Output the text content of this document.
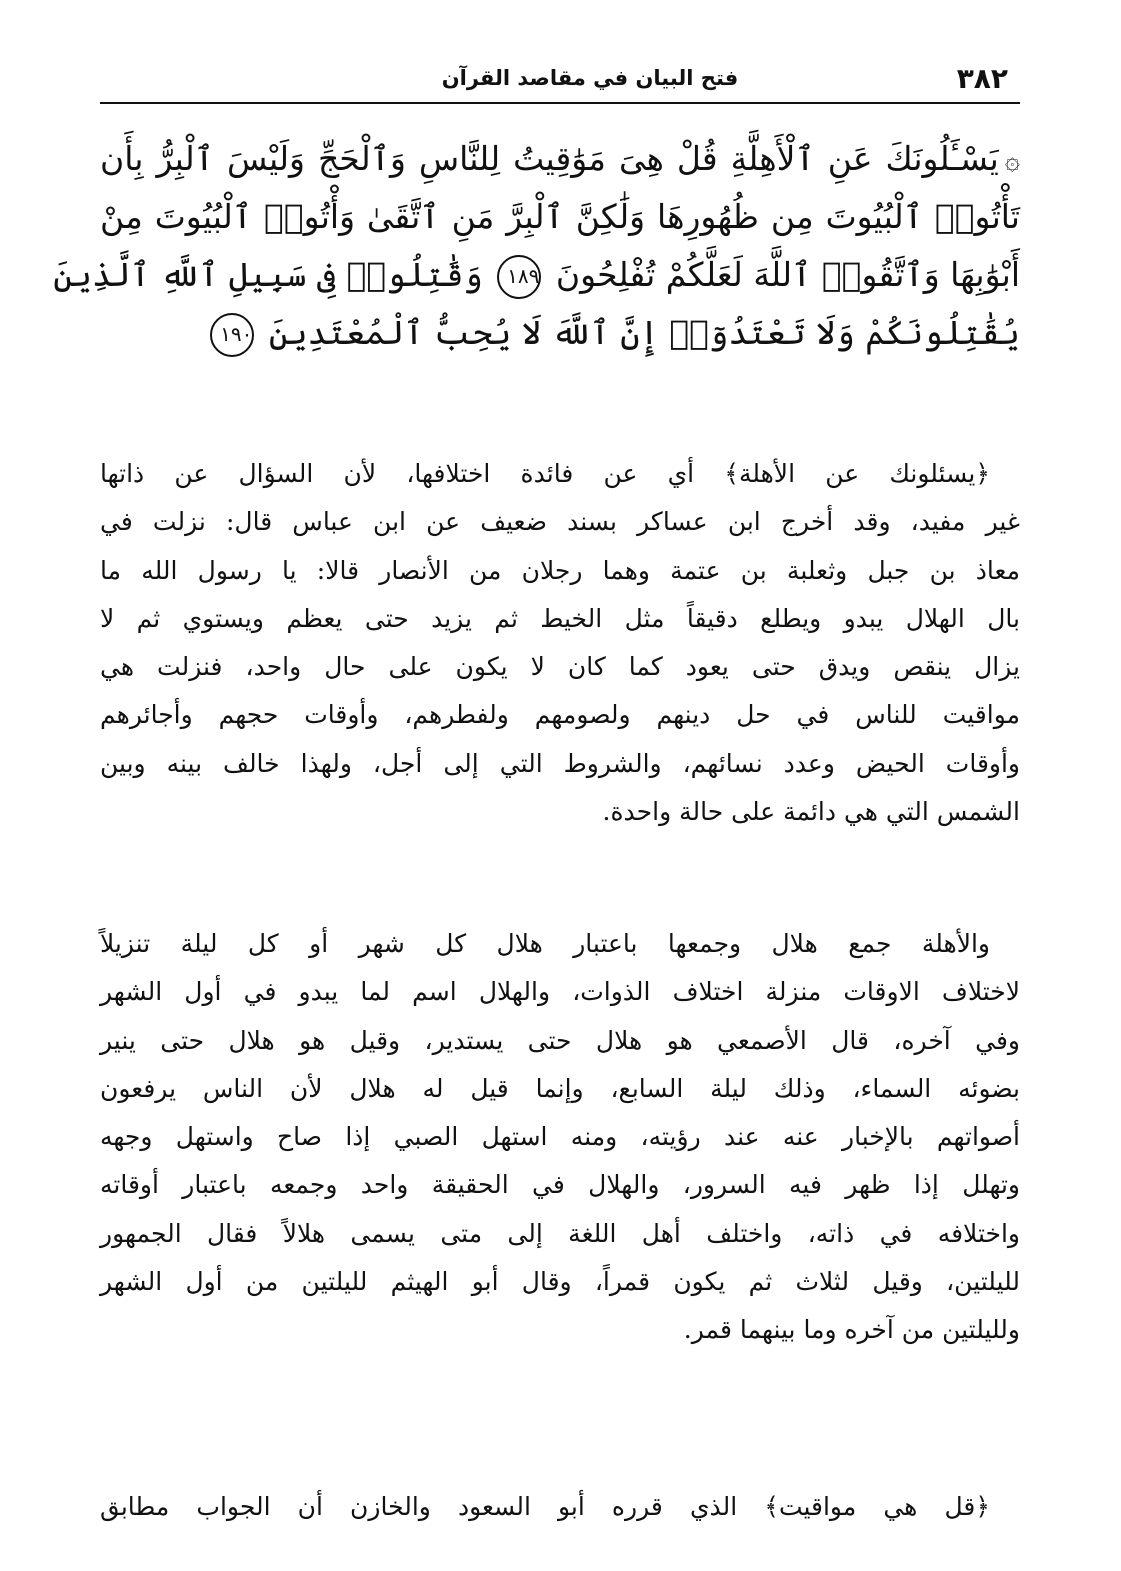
٣٨٢
فتح البيان في مقاصد القرآن
۞يَسْـَٔلُونَكَ عَنِ ٱلْأَهِلَّةِ قُلْ هِىَ مَوَٰقِيتُ لِلنَّاسِ وَٱلْحَجِّ وَلَيْسَ ٱلْبِرُّ بِأَن
تَأْتُوا۟ ٱلْبُيُوتَ مِن ظُهُورِهَا وَلَٰكِنَّ ٱلْبِرَّ مَنِ ٱتَّقَىٰ وَأْتُوا۟ ٱلْبُيُوتَ مِنْ
أَبْوَٰبِهَا وَٱتَّقُوا۟ ٱللَّهَ لَعَلَّكُمْ تُفْلِحُونَ ١٨٩ وَقَٰتِلُوا۟ فِى سَبِيلِ ٱللَّهِ ٱلَّذِينَ
يُقَٰتِلُونَكُمْ وَلَا تَعْتَدُوٓا۟ إِنَّ ٱللَّهَ لَا يُحِبُّ ٱلْمُعْتَدِينَ ١٩٠
﴿يسئلونك عن الأهلة﴾ أي عن فائدة اختلافها، لأن السؤال عن ذاتها
غير مفيد، وقد أخرج ابن عساكر بسند ضعيف عن ابن عباس قال: نزلت في
معاذ بن جبل وثعلبة بن عتمة وهما رجلان من الأنصار قالا: يا رسول الله ما
بال الهلال يبدو ويطلع دقيقاً مثل الخيط ثم يزيد حتى يعظم ويستوي ثم لا
يزال ينقص ويدق حتى يعود كما كان لا يكون على حال واحد، فنزلت هي
مواقيت للناس في حل دينهم ولصومهم ولفطرهم، وأوقات حجهم وأجائرهم
وأوقات الحيض وعدد نسائهم، والشروط التي إلى أجل، ولهذا خالف بينه وبين
الشمس التي هي دائمة على حالة واحدة.
والأهلة جمع هلال وجمعها باعتبار هلال كل شهر أو كل ليلة تنزيلاً
لاختلاف الاوقات منزلة اختلاف الذوات، والهلال اسم لما يبدو في أول الشهر
وفي آخره، قال الأصمعي هو هلال حتى يستدير، وقيل هو هلال حتى ينير
بضوئه السماء، وذلك ليلة السابع، وإنما قيل له هلال لأن الناس يرفعون
أصواتهم بالإخبار عنه عند رؤيته، ومنه استهل الصبي إذا صاح واستهل وجهه
وتهلل إذا ظهر فيه السرور، والهلال في الحقيقة واحد وجمعه باعتبار أوقاته
واختلافه في ذاته، واختلف أهل اللغة إلى متى يسمى هلالاً فقال الجمهور
لليلتين، وقيل لثلاث ثم يكون قمراً، وقال أبو الهيثم لليلتين من أول الشهر
ولليلتين من آخره وما بينهما قمر.
﴿قل هي مواقيت﴾ الذي قرره أبو السعود والخازن أن الجواب مطابق
